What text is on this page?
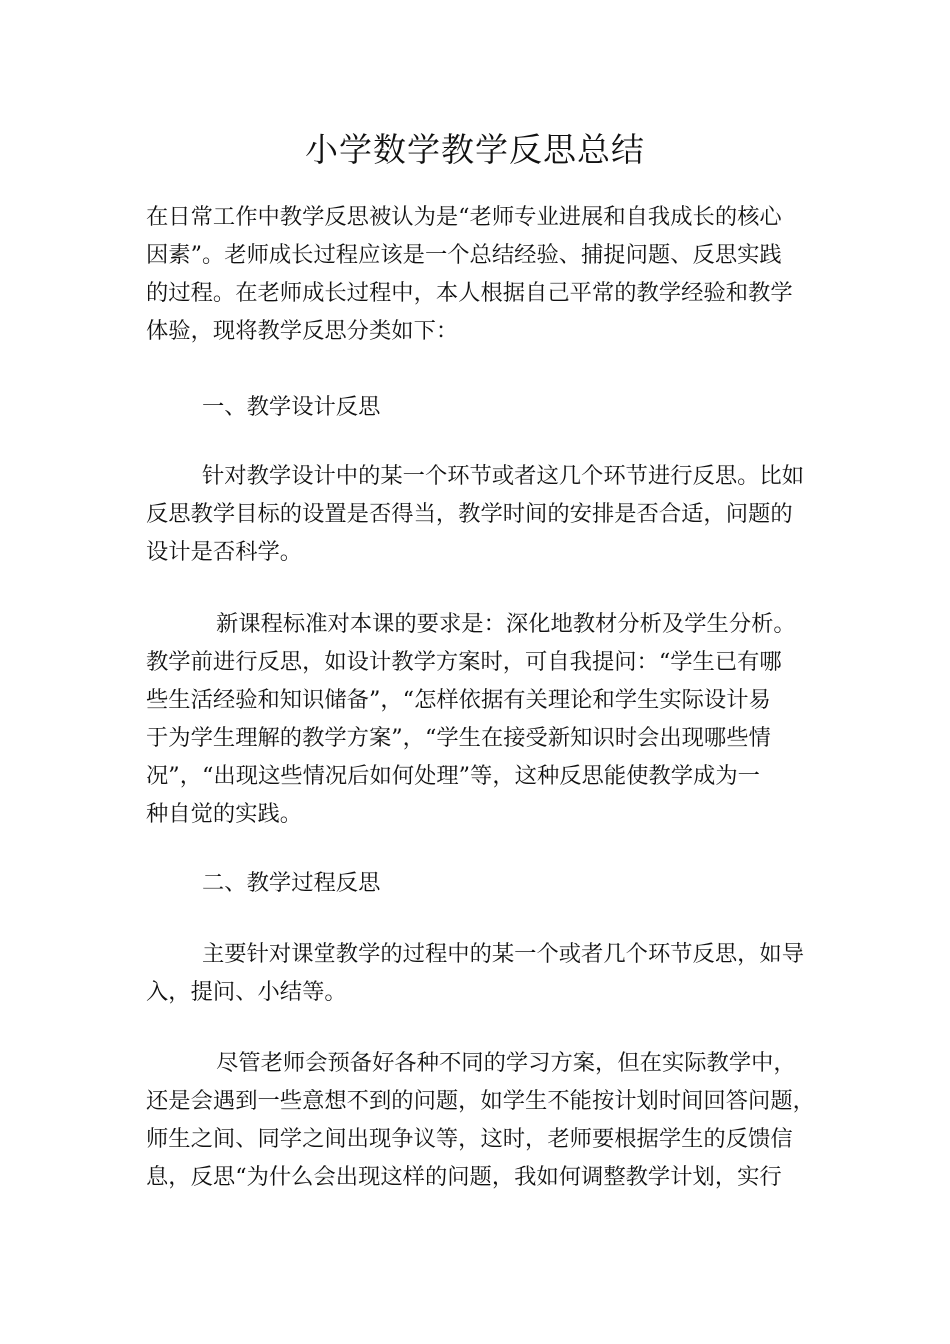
小学数学教学反思总结
在日常工作中教学反思被认为是“老师专业进展和自我成长的核心
因素”。老师成长过程应该是一个总结经验、捕捉问题、反思实践
的过程。在老师成长过程中，本人根据自己平常的教学经验和教学
体验，现将教学反思分类如下：
一、教学设计反思
针对教学设计中的某一个环节或者这几个环节进行反思。比如
反思教学目标的设置是否得当，教学时间的安排是否合适，问题的
设计是否科学。
新课程标准对本课的要求是：深化地教材分析及学生分析。
教学前进行反思，如设计教学方案时，可自我提问：“学生已有哪
些生活经验和知识储备”，“怎样依据有关理论和学生实际设计易
于为学生理解的教学方案”，“学生在接受新知识时会出现哪些情
况”，“出现这些情况后如何处理”等，这种反思能使教学成为一
种自觉的实践。
二、教学过程反思
主要针对课堂教学的过程中的某一个或者几个环节反思，如导
入，提问、小结等。
尽管老师会预备好各种不同的学习方案，但在实际教学中，
还是会遇到一些意想不到的问题，如学生不能按计划时间回答问题，
师生之间、同学之间出现争议等，这时，老师要根据学生的反馈信
息，反思“为什么会出现这样的问题，我如何调整教学计划，实行
